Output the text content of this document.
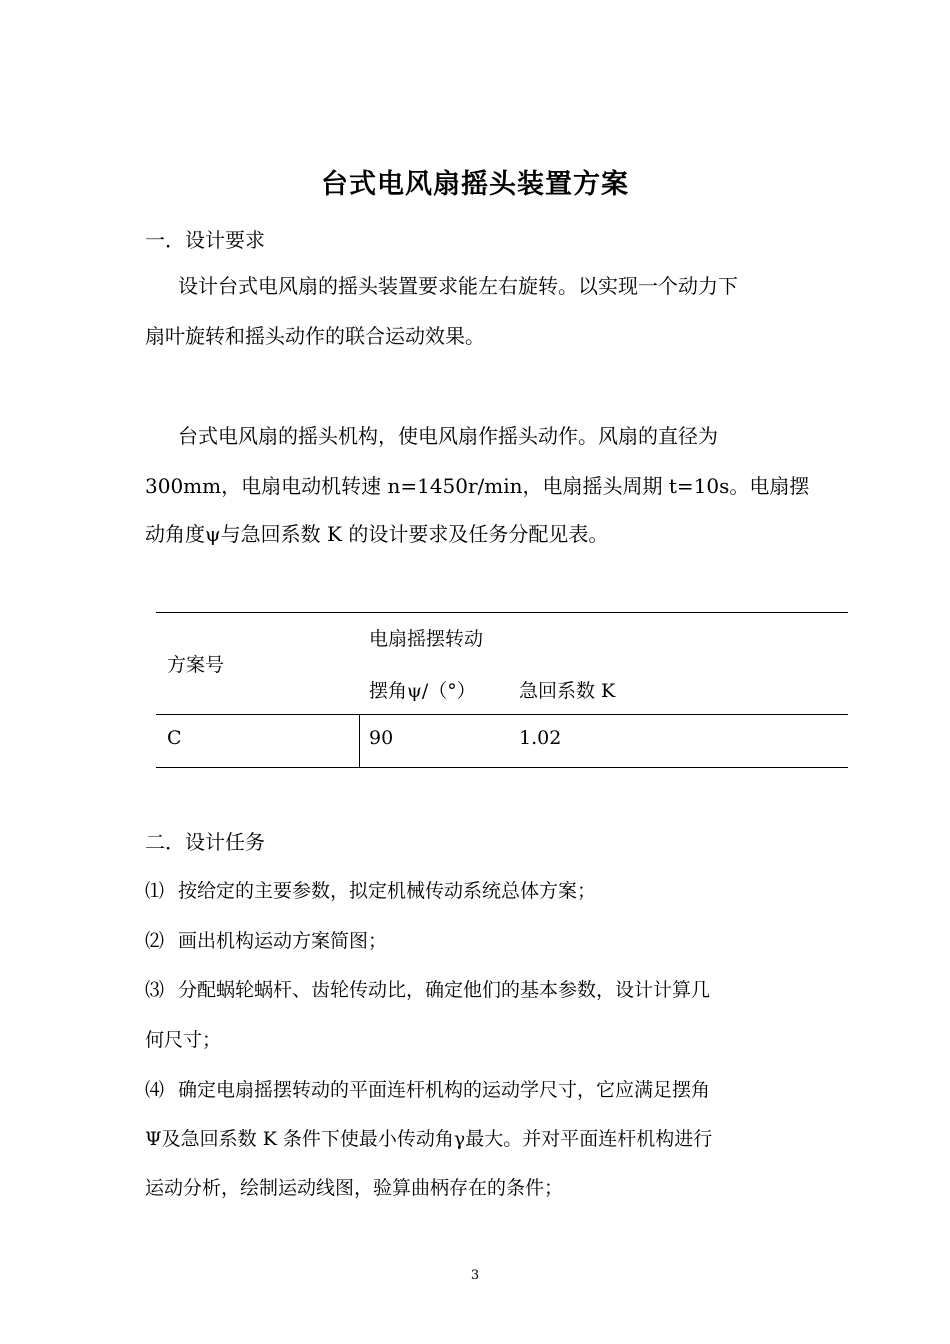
台式电风扇摇头装置方案
一．设计要求
设计台式电风扇的摇头装置要求能左右旋转。以实现一个动力下
扇叶旋转和摇头动作的联合运动效果。
台式电风扇的摇头机构，使电风扇作摇头动作。风扇的直径为
300mm，电扇电动机转速 n=1450r/min，电扇摇头周期 t=10s。电扇摆
动角度ψ与急回系数 K 的设计要求及任务分配见表。
方案号
电扇摇摆转动
摆角ψ/（°） 急回系数 K
C	90	1.02
二．设计任务
⑴ 按给定的主要参数，拟定机械传动系统总体方案；
⑵ 画出机构运动方案简图；
⑶ 分配蜗轮蜗杆、齿轮传动比，确定他们的基本参数，设计计算几
何尺寸；
⑷ 确定电扇摇摆转动的平面连杆机构的运动学尺寸，它应满足摆角
Ψ及急回系数 K 条件下使最小传动角γ最大。并对平面连杆机构进行
运动分析，绘制运动线图，验算曲柄存在的条件；
3
